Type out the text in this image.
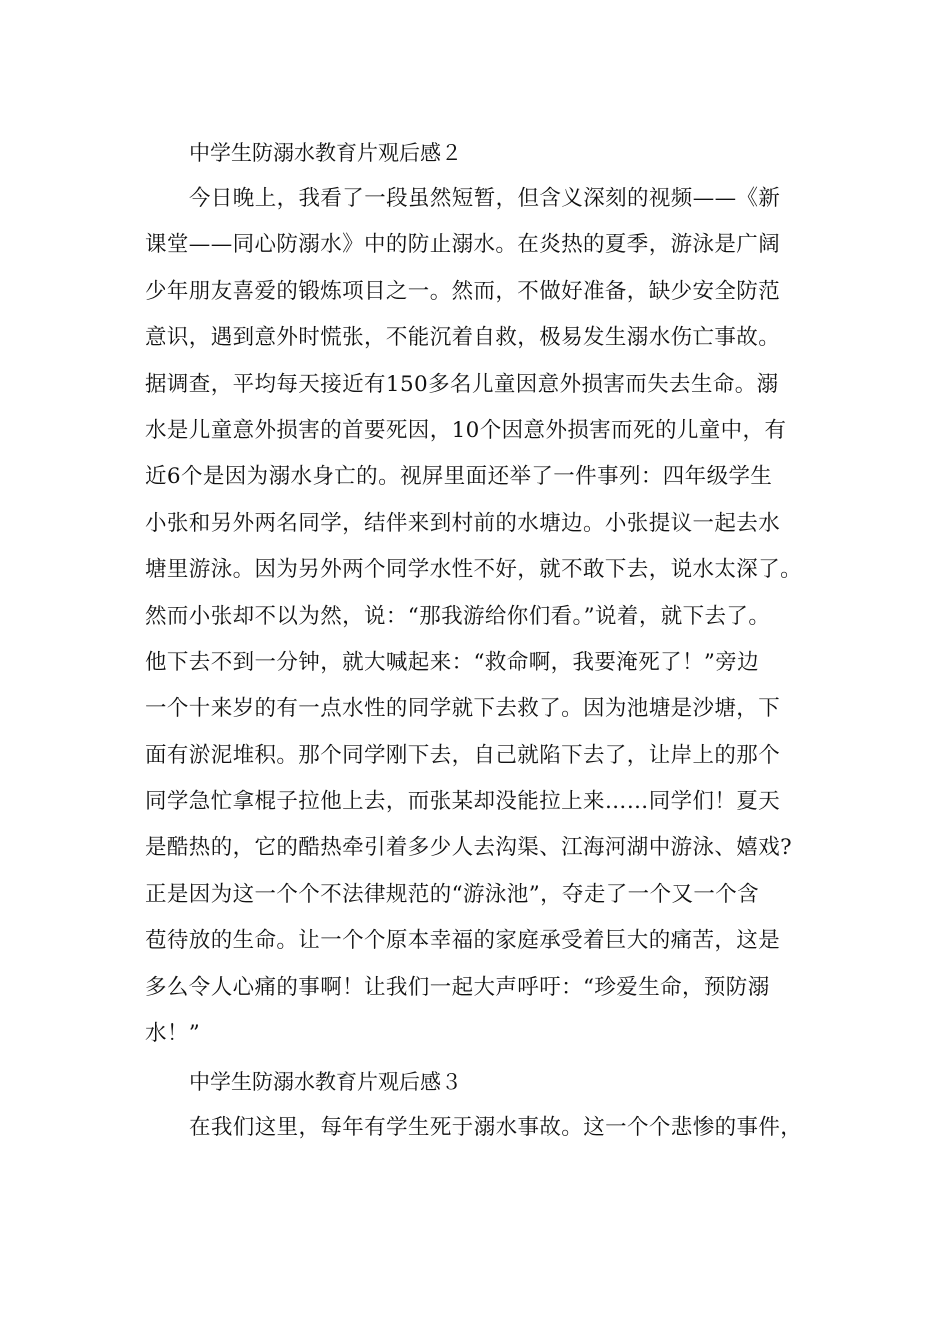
中学生防溺水教育片观后感２
今日晚上，我看了一段虽然短暂，但含义深刻的视频——《新
课堂——同心防溺水》中的防止溺水。在炎热的夏季，游泳是广阔
少年朋友喜爱的锻炼项目之一。然而，不做好准备，缺少安全防范
意识，遇到意外时慌张，不能沉着自救，极易发生溺水伤亡事故。
据调查，平均每天接近有150多名儿童因意外损害而失去生命。溺
水是儿童意外损害的首要死因，10个因意外损害而死的儿童中，有
近6个是因为溺水身亡的。视屏里面还举了一件事列：四年级学生
小张和另外两名同学，结伴来到村前的水塘边。小张提议一起去水
塘里游泳。因为另外两个同学水性不好，就不敢下去，说水太深了。
然而小张却不以为然，说：“那我游给你们看。”说着，就下去了。
他下去不到一分钟，就大喊起来：“救命啊，我要淹死了！”旁边
一个十来岁的有一点水性的同学就下去救了。因为池塘是沙塘，下
面有淤泥堆积。那个同学刚下去，自己就陷下去了，让岸上的那个
同学急忙拿棍子拉他上去，而张某却没能拉上来……同学们！夏天
是酷热的，它的酷热牵引着多少人去沟渠、江海河湖中游泳、嬉戏?
正是因为这一个个不法律规范的“游泳池”，夺走了一个又一个含
苞待放的生命。让一个个原本幸福的家庭承受着巨大的痛苦，这是
多么令人心痛的事啊！让我们一起大声呼吁：“珍爱生命，预防溺
水！”
中学生防溺水教育片观后感３
在我们这里，每年有学生死于溺水事故。这一个个悲惨的事件，
